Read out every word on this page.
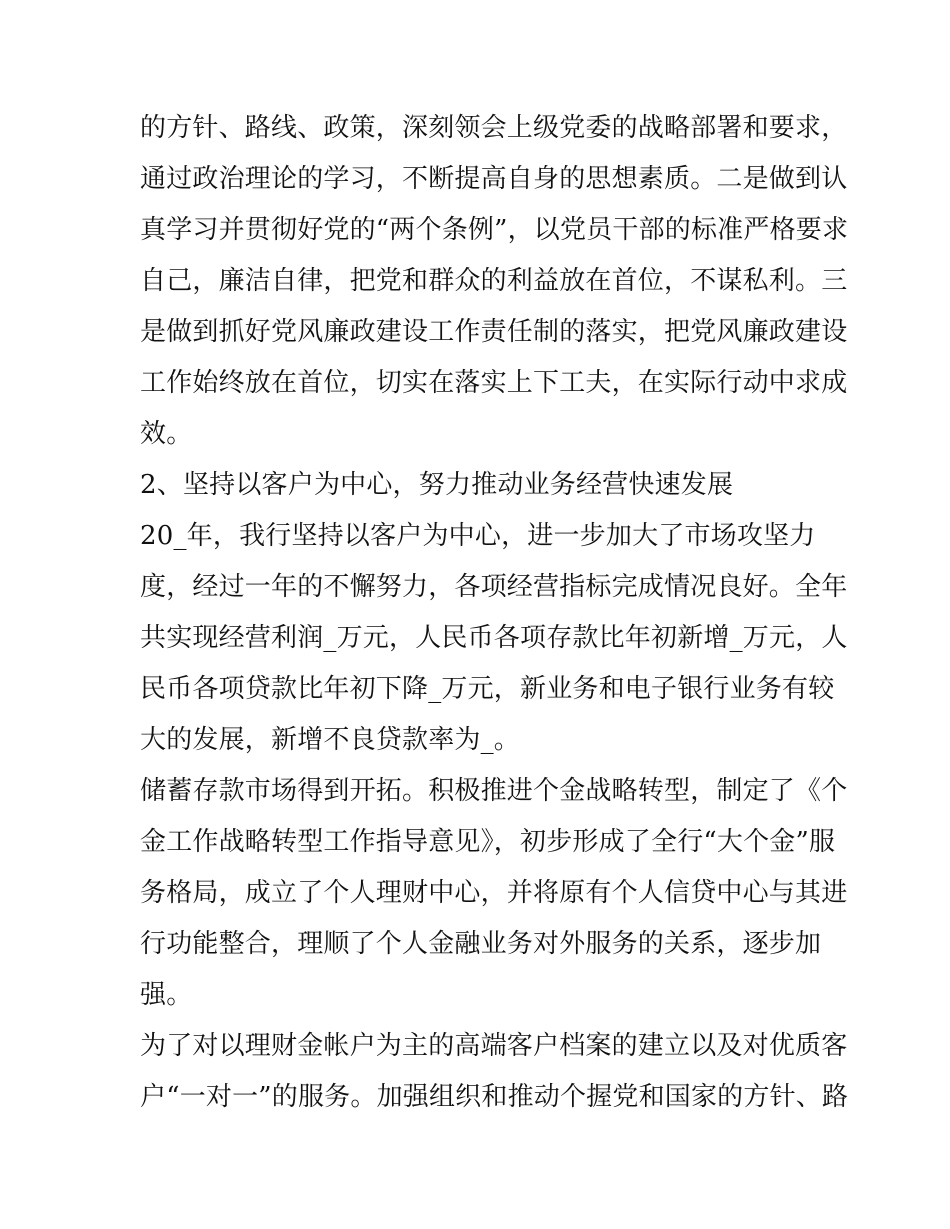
的方针、路线、政策，深刻领会上级党委的战略部署和要求，
通过政治理论的学习，不断提高自身的思想素质。二是做到认
真学习并贯彻好党的“两个条例”，以党员干部的标准严格要求
自己，廉洁自律，把党和群众的利益放在首位，不谋私利。三
是做到抓好党风廉政建设工作责任制的落实，把党风廉政建设
工作始终放在首位，切实在落实上下工夫，在实际行动中求成
效。
2、坚持以客户为中心，努力推动业务经营快速发展
20_年，我行坚持以客户为中心，进一步加大了市场攻坚力
度，经过一年的不懈努力，各项经营指标完成情况良好。全年
共实现经营利润_万元，人民币各项存款比年初新增_万元，人
民币各项贷款比年初下降_万元，新业务和电子银行业务有较
大的发展，新增不良贷款率为_。
储蓄存款市场得到开拓。积极推进个金战略转型，制定了《个
金工作战略转型工作指导意见》，初步形成了全行“大个金”服
务格局，成立了个人理财中心，并将原有个人信贷中心与其进
行功能整合，理顺了个人金融业务对外服务的关系，逐步加
强。
为了对以理财金帐户为主的高端客户档案的建立以及对优质客
户“一对一”的服务。加强组织和推动个握党和国家的方针、路
